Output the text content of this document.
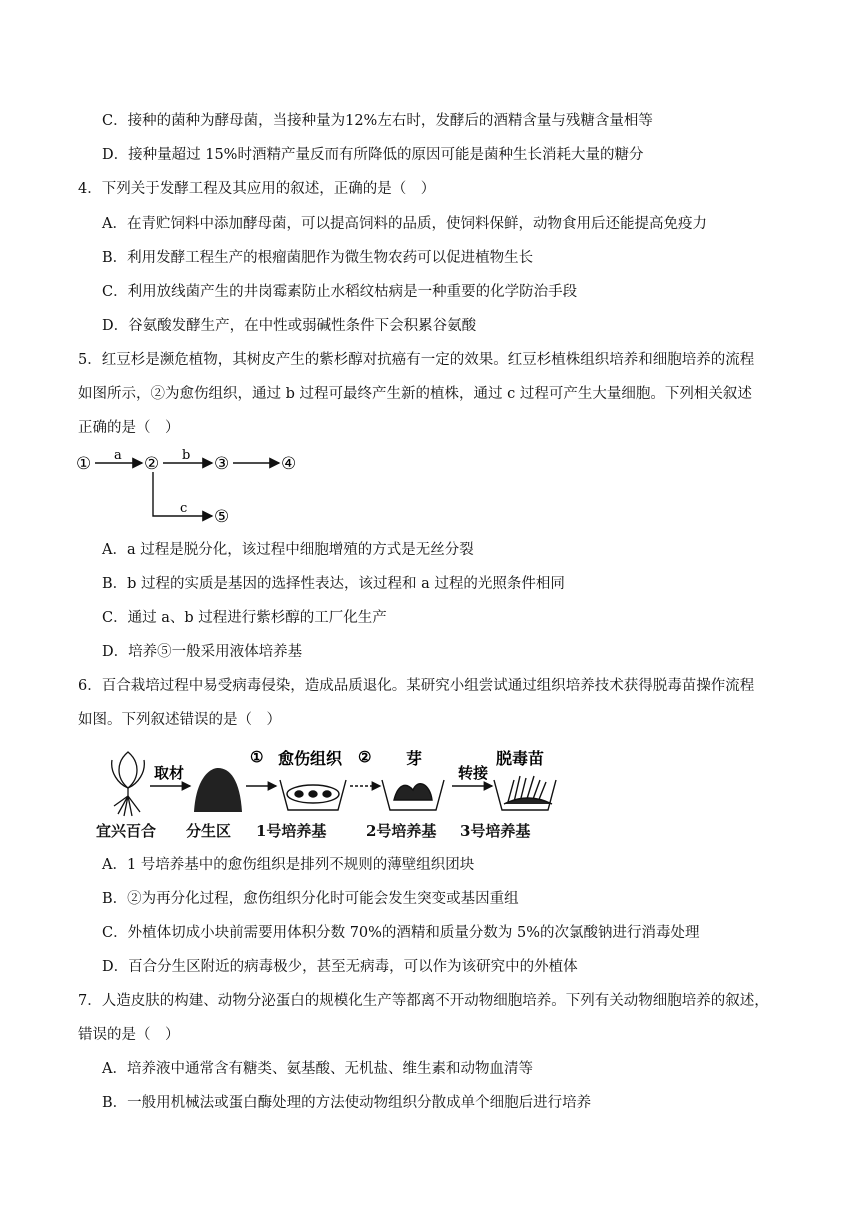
C．接种的菌种为酵母菌，当接种量为12%左右时，发酵后的酒精含量与残糖含量相等
D．接种量超过 15%时酒精产量反而有所降低的原因可能是菌种生长消耗大量的糖分
4．下列关于发酵工程及其应用的叙述，正确的是（　）
A．在青贮饲料中添加酵母菌，可以提高饲料的品质，使饲料保鲜，动物食用后还能提高免疫力
B．利用发酵工程生产的根瘤菌肥作为微生物农药可以促进植物生长
C．利用放线菌产生的井岗霉素防止水稻纹枯病是一种重要的化学防治手段
D．谷氨酸发酵生产，在中性或弱碱性条件下会积累谷氨酸
5．红豆杉是濒危植物，其树皮产生的紫杉醇对抗癌有一定的效果。红豆杉植株组织培养和细胞培养的流程
如图所示，②为愈伤组织，通过 b 过程可最终产生新的植株，通过 c 过程可产生大量细胞。下列相关叙述
正确的是（　）
① a ② b ③	④
c ⑤
A．a 过程是脱分化，该过程中细胞增殖的方式是无丝分裂
B．b 过程的实质是基因的选择性表达，该过程和 a 过程的光照条件相同
C．通过 a、b 过程进行紫杉醇的工厂化生产
D．培养⑤一般采用液体培养基
6．百合栽培过程中易受病毒侵染，造成品质退化。某研究小组尝试通过组织培养技术获得脱毒苗操作流程
如图。下列叙述错误的是（　）
取材
① 愈伤组织 ② 芽
转接
脱毒苗
宜兴百合 分生区 1号培养基	2号培养基 3号培养基
A．1 号培养基中的愈伤组织是排列不规则的薄壁组织团块
B．②为再分化过程，愈伤组织分化时可能会发生突变或基因重组
C．外植体切成小块前需要用体积分数 70%的酒精和质量分数为 5%的次氯酸钠进行消毒处理
D．百合分生区附近的病毒极少，甚至无病毒，可以作为该研究中的外植体
7．人造皮肤的构建、动物分泌蛋白的规模化生产等都离不开动物细胞培养。下列有关动物细胞培养的叙述，
错误的是（　）
A．培养液中通常含有糖类、氨基酸、无机盐、维生素和动物血清等
B．一般用机械法或蛋白酶处理的方法使动物组织分散成单个细胞后进行培养
